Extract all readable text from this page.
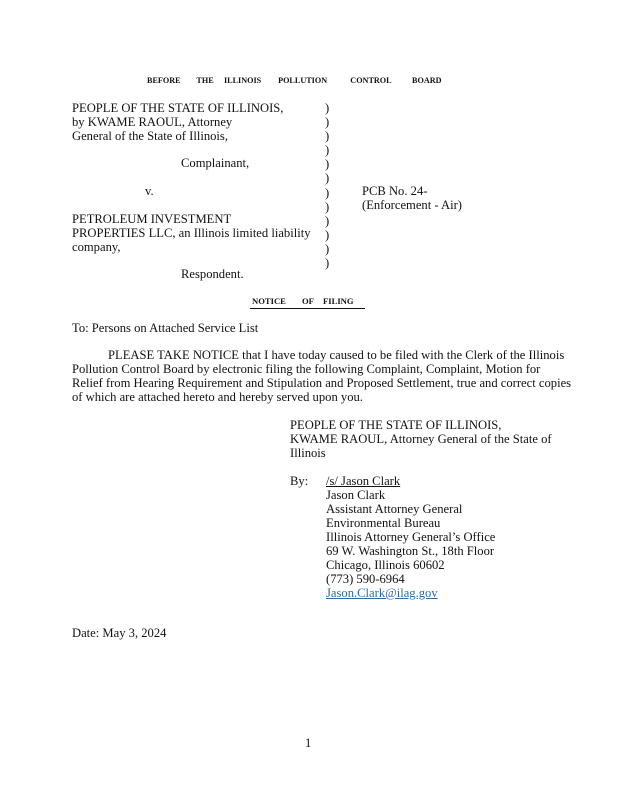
BEFORE THE ILLINOIS POLLUTION	CONTROL BOARD
PEOPLE OF THE STATE OF ILLINOIS,
by KWAME RAOUL, Attorney
General of the State of Illinois,
Complainant,
v.
PETROLEUM INVESTMENT
PROPERTIES LLC, an Illinois limited liability
company,
Respondent.
)
)
)
)
)
)
)
)
)
)
)
)
PCB No. 24-
(Enforcement - Air)
NOTICE OF FILING
To: Persons on Attached Service List
PLEASE TAKE NOTICE that I have today caused to be filed with the Clerk of the Illinois
Pollution Control Board by electronic filing the following Complaint, Complaint, Motion for
Relief from Hearing Requirement and Stipulation and Proposed Settlement, true and correct copies
of which are attached hereto and hereby served upon you.
PEOPLE OF THE STATE OF ILLINOIS,
KWAME RAOUL, Attorney General of the State of
Illinois
By: /s/ Jason Clark
Jason Clark
Assistant Attorney General
Environmental Bureau
Illinois Attorney General’s Office
69 W. Washington St., 18th Floor
Chicago, Illinois 60602
(773) 590-6964
Jason.Clark@ilag.gov
Date: May 3, 2024
1
